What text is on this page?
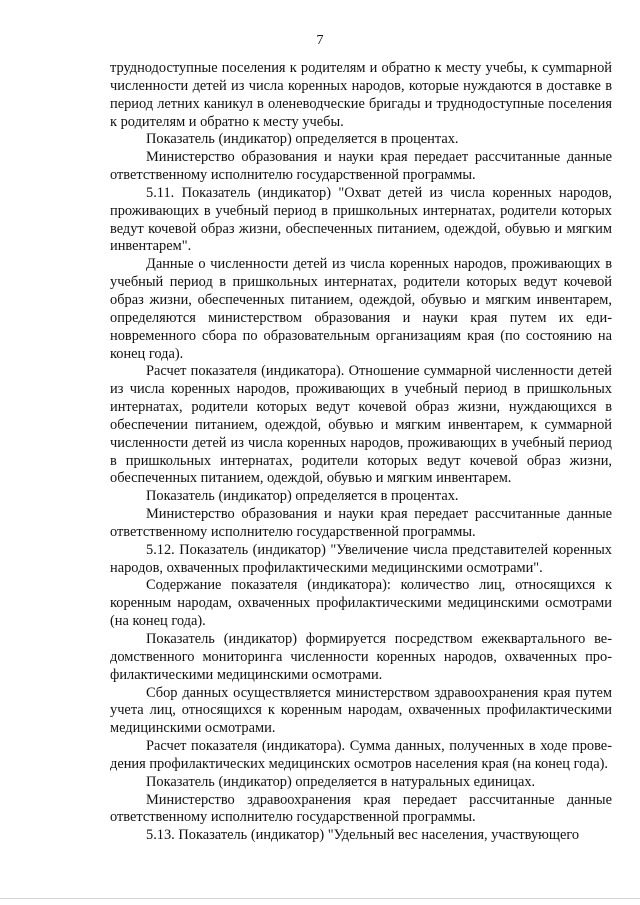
7

труднодоступные поселения к родителям и обратно к месту учебы, к сумmарной численности детей из числа коренных народов, которые нуждаются в доставке в период летних каникул в оленеводческие бригады и труднодоступные поселения к родителям и обратно к месту учебы.

Показатель (индикатор) определяется в процентах.

Министерство образования и науки края передает рассчитанные данные ответственному исполнителю государственной программы.

5.11. Показатель (индикатор) "Охват детей из числа коренных народов, проживающих в учебный период в пришкольных интернатах, родители которых ведут кочевой образ жизни, обеспеченных питанием, одеждой, обувью и мягким инвентарем".

Данные о численности детей из числа коренных народов, проживающих в учебный период в пришкольных интернатах, родители которых ведут кочевой образ жизни, обеспеченных питанием, одеждой, обувью и мягким инвентарем, определяются министерством образования и науки края путем их единовременного сбора по образовательным организациям края (по состоянию на конец года).

Расчет показателя (индикатора). Отношение суммарной численности детей из числа коренных народов, проживающих в учебный период в пришкольных интернатах, родители которых ведут кочевой образ жизни, нуждающихся в обеспечении питанием, одеждой, обувью и мягким инвентарем, к суммарной численности детей из числа коренных народов, проживающих в учебный период в пришкольных интернатах, родители которых ведут кочевой образ жизни, обеспеченных питанием, одеждой, обувью и мягким инвентарем.

Показатель (индикатор) определяется в процентах.

Министерство образования и науки края передает рассчитанные данные ответственному исполнителю государственной программы.

5.12. Показатель (индикатор) "Увеличение числа представителей коренных народов, охваченных профилактическими медицинскими осмотрами".

Содержание показателя (индикатора): количество лиц, относящихся к коренным народам, охваченных профилактическими медицинскими осмотрами (на конец года).

Показатель (индикатор) формируется посредством ежеквартального ведомственного мониторинга численности коренных народов, охваченных профилактическими медицинскими осмотрами.

Сбор данных осуществляется министерством здравоохранения края путем учета лиц, относящихся к коренным народам, охваченных профилактическими медицинскими осмотрами.

Расчет показателя (индикатора). Сумма данных, полученных в ходе проведения профилактических медицинских осмотров населения края (на конец года).

Показатель (индикатор) определяется в натуральных единицах.

Министерство здравоохранения края передает рассчитанные данные ответственному исполнителю государственной программы.

5.13. Показатель (индикатор) "Удельный вес населения, участвующего
